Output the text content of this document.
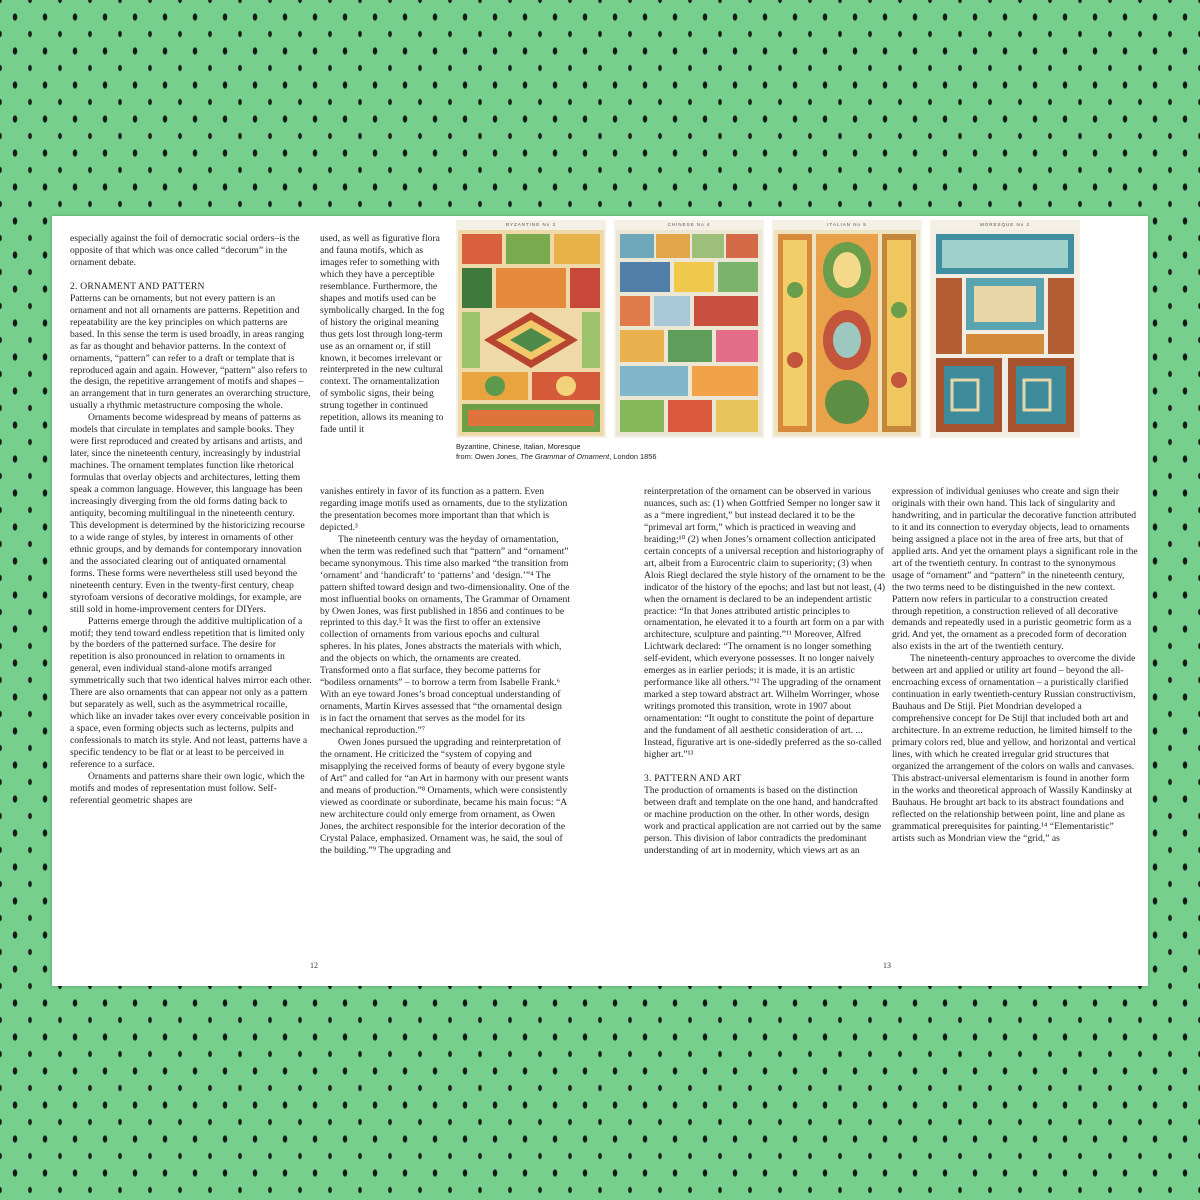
especially against the foil of democratic social orders–is the opposite of that which was once called “decorum” in the ornament debate.

2. ORNAMENT AND PATTERN

Patterns can be ornaments, but not every pattern is an ornament and not all ornaments are patterns. Repetition and repeatability are the key principles on which patterns are based. In this sense the term is used broadly, in areas ranging as far as thought and behavior patterns. In the context of ornaments, “pattern” can refer to a draft or template that is reproduced again and again. However, “pattern” also refers to the design, the repetitive arrangement of motifs and shapes – an arrangement that in turn generates an overarching structure, usually a rhythmic metastructure composing the whole.

Ornaments become widespread by means of patterns as models that circulate in templates and sample books. They were first reproduced and created by artisans and artists, and later, since the nineteenth century, increasingly by industrial machines. The ornament templates function like rhetorical formulas that overlay objects and architectures, letting them speak a common language. However, this language has been increasingly diverging from the old forms dating back to antiquity, becoming multilingual in the nineteenth century. This development is determined by the historicizing recourse to a wide range of styles, by interest in ornaments of other ethnic groups, and by demands for contemporary innovation and the associated clearing out of antiquated ornamental forms. These forms were nevertheless still used beyond the nineteenth century. Even in the twenty-first century, cheap styrofoam versions of decorative moldings, for example, are still sold in home-improvement centers for DIYers.

Patterns emerge through the additive multiplication of a motif; they tend toward endless repetition that is limited only by the borders of the patterned surface. The desire for repetition is also pronounced in relation to ornaments in general, even individual stand-alone motifs arranged symmetrically such that two identical halves mirror each other. There are also ornaments that can appear not only as a pattern but separately as well, such as the asymmetrical rocaille, which like an invader takes over every conceivable position in a space, even forming objects such as lecterns, pulpits and confessionals to match its style. And not least, patterns have a specific tendency to be flat or at least to be perceived in reference to a surface.

Ornaments and patterns share their own logic, which the motifs and modes of representation must follow. Self-referential geometric shapes are

used, as well as figurative flora and fauna motifs, which as images refer to something with which they have a perceptible resemblance. Furthermore, the shapes and motifs used can be symbolically charged. In the fog of history the original meaning thus gets lost through long-term use as an ornament or, if still known, it becomes irrelevant or reinterpreted in the new cultural context. The ornamentalization of symbolic signs, their being strung together in continued repetition, allows its meaning to fade until it

vanishes entirely in favor of its function as a pattern. Even regarding image motifs used as ornaments, due to the stylization the presentation becomes more important than that which is depicted.³

The nineteenth century was the heyday of ornamentation, when the term was redefined such that “pattern” and “ornament” became synonymous. This time also marked “the transition from ‘ornament’ and ‘handicraft’ to ‘patterns’ and ‘design.’”⁴ The pattern shifted toward design and two-dimensionality. One of the most influential books on ornaments, The Grammar of Ornament by Owen Jones, was first published in 1856 and continues to be reprinted to this day.⁵ It was the first to offer an extensive collection of ornaments from various epochs and cultural spheres. In his plates, Jones abstracts the materials with which, and the objects on which, the ornaments are created. Transformed onto a flat surface, they become patterns for “bodiless ornaments” – to borrow a term from Isabelle Frank.⁶ With an eye toward Jones’s broad conceptual understanding of ornaments, Martin Kirves assessed that “the ornamental design is in fact the ornament that serves as the model for its mechanical reproduction.”⁷

Owen Jones pursued the upgrading and reinterpretation of the ornament. He criticized the “system of copying and misapplying the received forms of beauty of every bygone style of Art” and called for “an Art in harmony with our present wants and means of production.”⁸ Ornaments, which were consistently viewed as coordinate or subordinate, became his main focus: “A new architecture could only emerge from ornament, as Owen Jones, the architect responsible for the interior decoration of the Crystal Palace, emphasized. Ornament was, he said, the soul of the building.”⁹ The upgrading and

12
BYZANTINE No 3	CHINESE No 4	ITALIAN No 5	MORESQUE No 2
Byzantine, Chinese, Italian, Moresque
from: Owen Jones, The Grammar of Ornament, London 1856

reinterpretation of the ornament can be observed in various nuances, such as: (1) when Gottfried Semper no longer saw it as a “mere ingredient,” but instead declared it to be the “primeval art form,” which is practiced in weaving and braiding;¹⁰ (2) when Jones’s ornament collection anticipated certain concepts of a universal reception and historiography of art, albeit from a Eurocentric claim to superiority; (3) when Alois Riegl declared the style history of the ornament to be the indicator of the history of the epochs; and last but not least, (4) when the ornament is declared to be an independent artistic practice: “In that Jones attributed artistic principles to ornamentation, he elevated it to a fourth art form on a par with architecture, sculpture and painting.”¹¹ Moreover, Alfred Lichtwark declared: “The ornament is no longer something self-evident, which everyone possesses. It no longer naively emerges as in earlier periods; it is made, it is an artistic performance like all others.”¹² The upgrading of the ornament marked a step toward abstract art. Wilhelm Worringer, whose writings promoted this transition, wrote in 1907 about ornamentation: “It ought to constitute the point of departure and the fundament of all aesthetic consideration of art. ... Instead, figurative art is one-sidedly preferred as the so-called higher art.”¹³

3. PATTERN AND ART

The production of ornaments is based on the distinction between draft and template on the one hand, and handcrafted or machine production on the other. In other words, design work and practical application are not carried out by the same person. This division of labor contradicts the predominant understanding of art in modernity, which views art as an

expression of individual geniuses who create and sign their originals with their own hand. This lack of singularity and handwriting, and in particular the decorative function attributed to it and its connection to everyday objects, lead to ornaments being assigned a place not in the area of free arts, but that of applied arts. And yet the ornament plays a significant role in the art of the twentieth century. In contrast to the synonymous usage of “ornament” and “pattern” in the nineteenth century, the two terms need to be distinguished in the new context. Pattern now refers in particular to a construction created through repetition, a construction relieved of all decorative demands and repeatedly used in a puristic geometric form as a grid. And yet, the ornament as a precoded form of decoration also exists in the art of the twentieth century.

The nineteenth-century approaches to overcome the divide between art and applied or utility art found – beyond the all-encroaching excess of ornamentation – a puristically clarified continuation in early twentieth-century Russian constructivism, Bauhaus and De Stijl. Piet Mondrian developed a comprehensive concept for De Stijl that included both art and architecture. In an extreme reduction, he limited himself to the primary colors red, blue and yellow, and horizontal and vertical lines, with which he created irregular grid structures that organized the arrangement of the colors on walls and canvases. This abstract-universal elementarism is found in another form in the works and theoretical approach of Wassily Kandinsky at Bauhaus. He brought art back to its abstract foundations and reflected on the relationship between point, line and plane as grammatical prerequisites for painting.¹⁴ “Elementaristic” artists such as Mondrian view the “grid,” as

13
